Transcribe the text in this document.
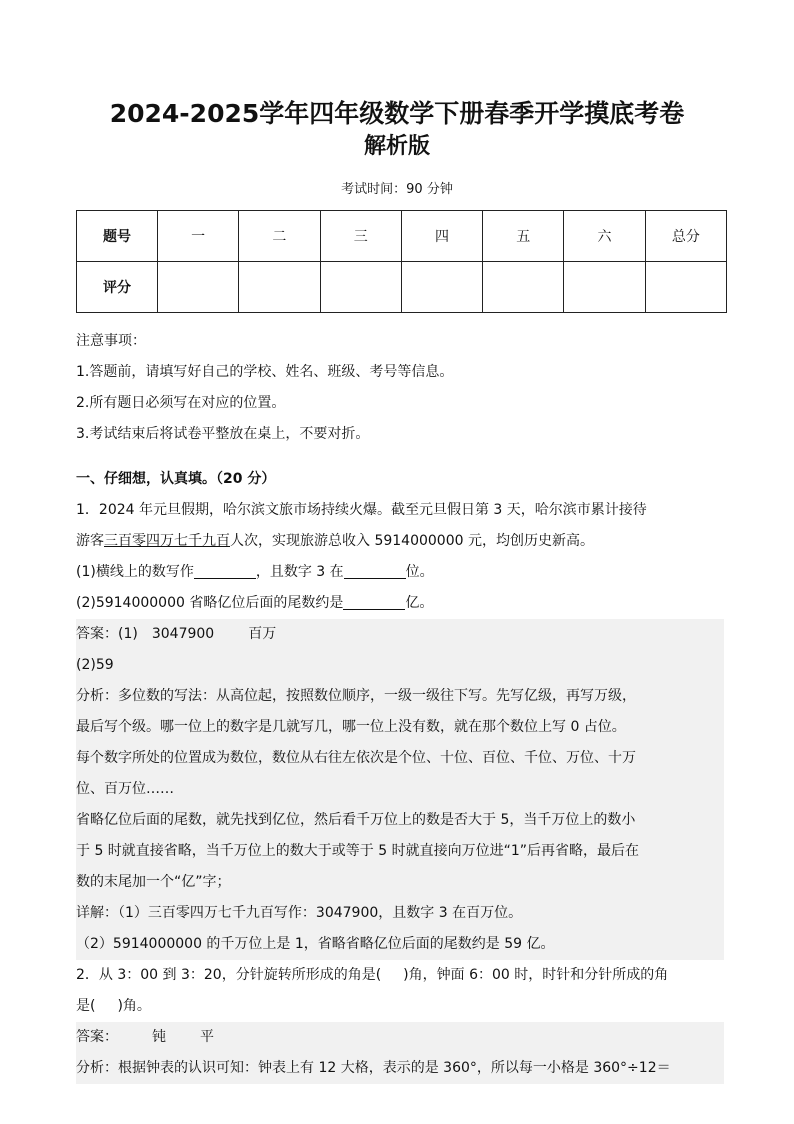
2024-2025学年四年级数学下册春季开学摸底考卷
解析版
考试时间：90 分钟
题号	一	二	三	四	五	六	总分
评分							
注意事项：
1.答题前，请填写好自己的学校、姓名、班级、考号等信息。
2.所有题日必须写在对应的位置。
3.考试结束后将试卷平整放在桌上，不要对折。
一、仔细想，认真填。（20 分）
1．2024 年元旦假期，哈尔滨文旅市场持续火爆。截至元旦假日第 3 天，哈尔滨市累计接待
游客三百零四万七千九百人次，实现旅游总收入 5914000000 元，均创历史新高。
(1)横线上的数写作	，且数字 3 在	位。
(2)5914000000 省略亿位后面的尾数约是	亿。
答案：(1) 3047900 百万
(2)59
分析：多位数的写法：从高位起，按照数位顺序，一级一级往下写。先写亿级，再写万级，
最后写个级。哪一位上的数字是几就写几，哪一位上没有数，就在那个数位上写 0 占位。
每个数字所处的位置成为数位，数位从右往左依次是个位、十位、百位、千位、万位、十万
位、百万位……
省略亿位后面的尾数，就先找到亿位，然后看千万位上的数是否大于 5，当千万位上的数小
于 5 时就直接省略，当千万位上的数大于或等于 5 时就直接向万位进“1”后再省略，最后在
数的末尾加一个“亿”字；
详解：（1）三百零四万七千九百写作：3047900，且数字 3 在百万位。
（2）5914000000 的千万位上是 1，省略省略亿位后面的尾数约是 59 亿。
2．从 3：00 到 3：20，分针旋转所形成的角是( )角，钟面 6：00 时，时针和分针所成的角
是( )角。
答案： 钝 平
分析：根据钟表的认识可知：钟表上有 12 大格，表示的是 360°，所以每一小格是 360°÷12＝
